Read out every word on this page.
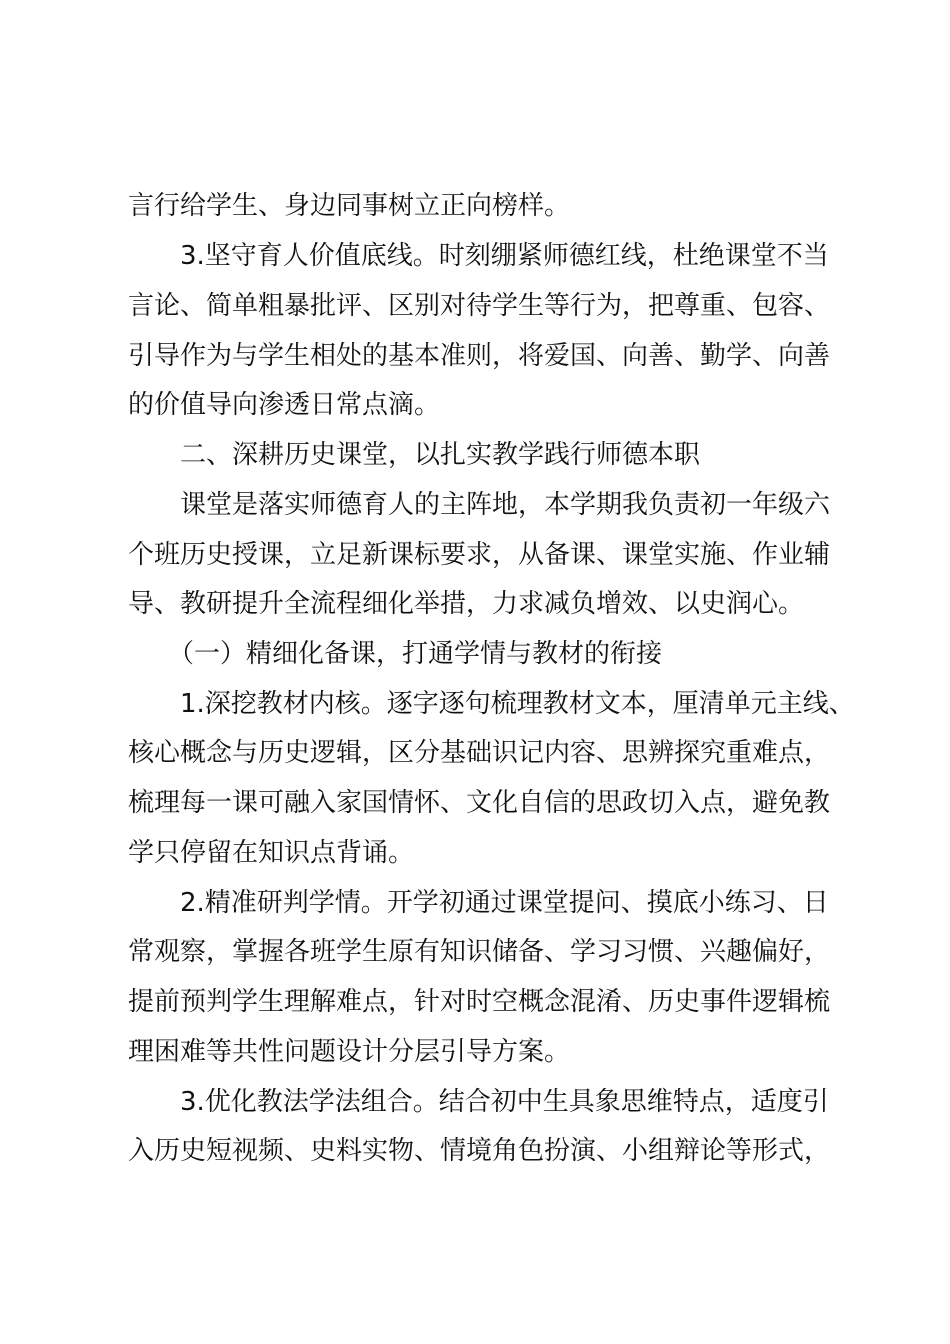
言行给学生、身边同事树立正向榜样。
3.坚守育人价值底线。时刻绷紧师德红线，杜绝课堂不当
言论、简单粗暴批评、区别对待学生等行为，把尊重、包容、
引导作为与学生相处的基本准则，将爱国、向善、勤学、向善
的价值导向渗透日常点滴。
二、深耕历史课堂，以扎实教学践行师德本职
课堂是落实师德育人的主阵地，本学期我负责初一年级六
个班历史授课，立足新课标要求，从备课、课堂实施、作业辅
导、教研提升全流程细化举措，力求减负增效、以史润心。
（一）精细化备课，打通学情与教材的衔接
1.深挖教材内核。逐字逐句梳理教材文本，厘清单元主线、
核心概念与历史逻辑，区分基础识记内容、思辨探究重难点，
梳理每一课可融入家国情怀、文化自信的思政切入点，避免教
学只停留在知识点背诵。
2.精准研判学情。开学初通过课堂提问、摸底小练习、日
常观察，掌握各班学生原有知识储备、学习习惯、兴趣偏好，
提前预判学生理解难点，针对时空概念混淆、历史事件逻辑梳
理困难等共性问题设计分层引导方案。
3.优化教法学法组合。结合初中生具象思维特点，适度引
入历史短视频、史料实物、情境角色扮演、小组辩论等形式，
